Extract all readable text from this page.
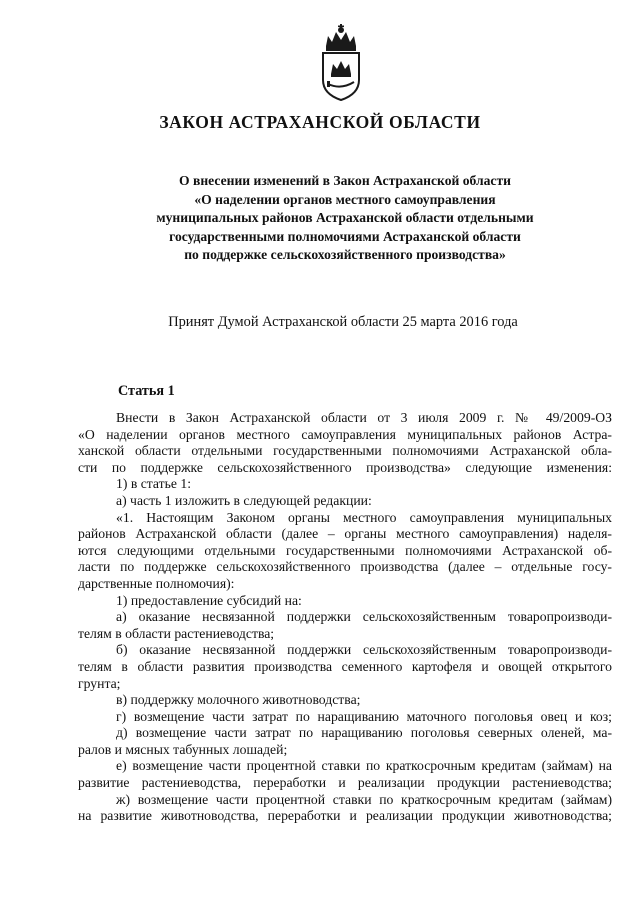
ЗАКОН АСТРАХАНСКОЙ ОБЛАСТИ
О внесении изменений в Закон Астраханской области
«О наделении органов местного самоуправления
муниципальных районов Астраханской области отдельными
государственными полномочиями Астраханской области
по поддержке сельскохозяйственного производства»
Принят Думой Астраханской области 25 марта 2016 года
Статья 1
Внести в Закон Астраханской области от 3 июля 2009 г. № 49/2009-ОЗ
«О наделении органов местного самоуправления муниципальных районов Астра-
ханской области отдельными государственными полномочиями Астраханской обла-
сти по поддержке сельскохозяйственного производства» следующие изменения:
1) в статье 1:
а) часть 1 изложить в следующей редакции:
«1. Настоящим Законом органы местного самоуправления муниципальных
районов Астраханской области (далее – органы местного самоуправления) наделя-
ются следующими отдельными государственными полномочиями Астраханской об-
ласти по поддержке сельскохозяйственного производства (далее – отдельные госу-
дарственные полномочия):
1) предоставление субсидий на:
а) оказание несвязанной поддержки сельскохозяйственным товаропроизводи-
телям в области растениеводства;
б) оказание несвязанной поддержки сельскохозяйственным товаропроизводи-
телям в области развития производства семенного картофеля и овощей открытого
грунта;
в) поддержку молочного животноводства;
г) возмещение части затрат по наращиванию маточного поголовья овец и коз;
д) возмещение части затрат по наращиванию поголовья северных оленей, ма-
ралов и мясных табунных лошадей;
е) возмещение части процентной ставки по краткосрочным кредитам (займам) на
развитие растениеводства, переработки и реализации продукции растениеводства;
ж) возмещение части процентной ставки по краткосрочным кредитам (займам)
на развитие животноводства, переработки и реализации продукции животноводства;
